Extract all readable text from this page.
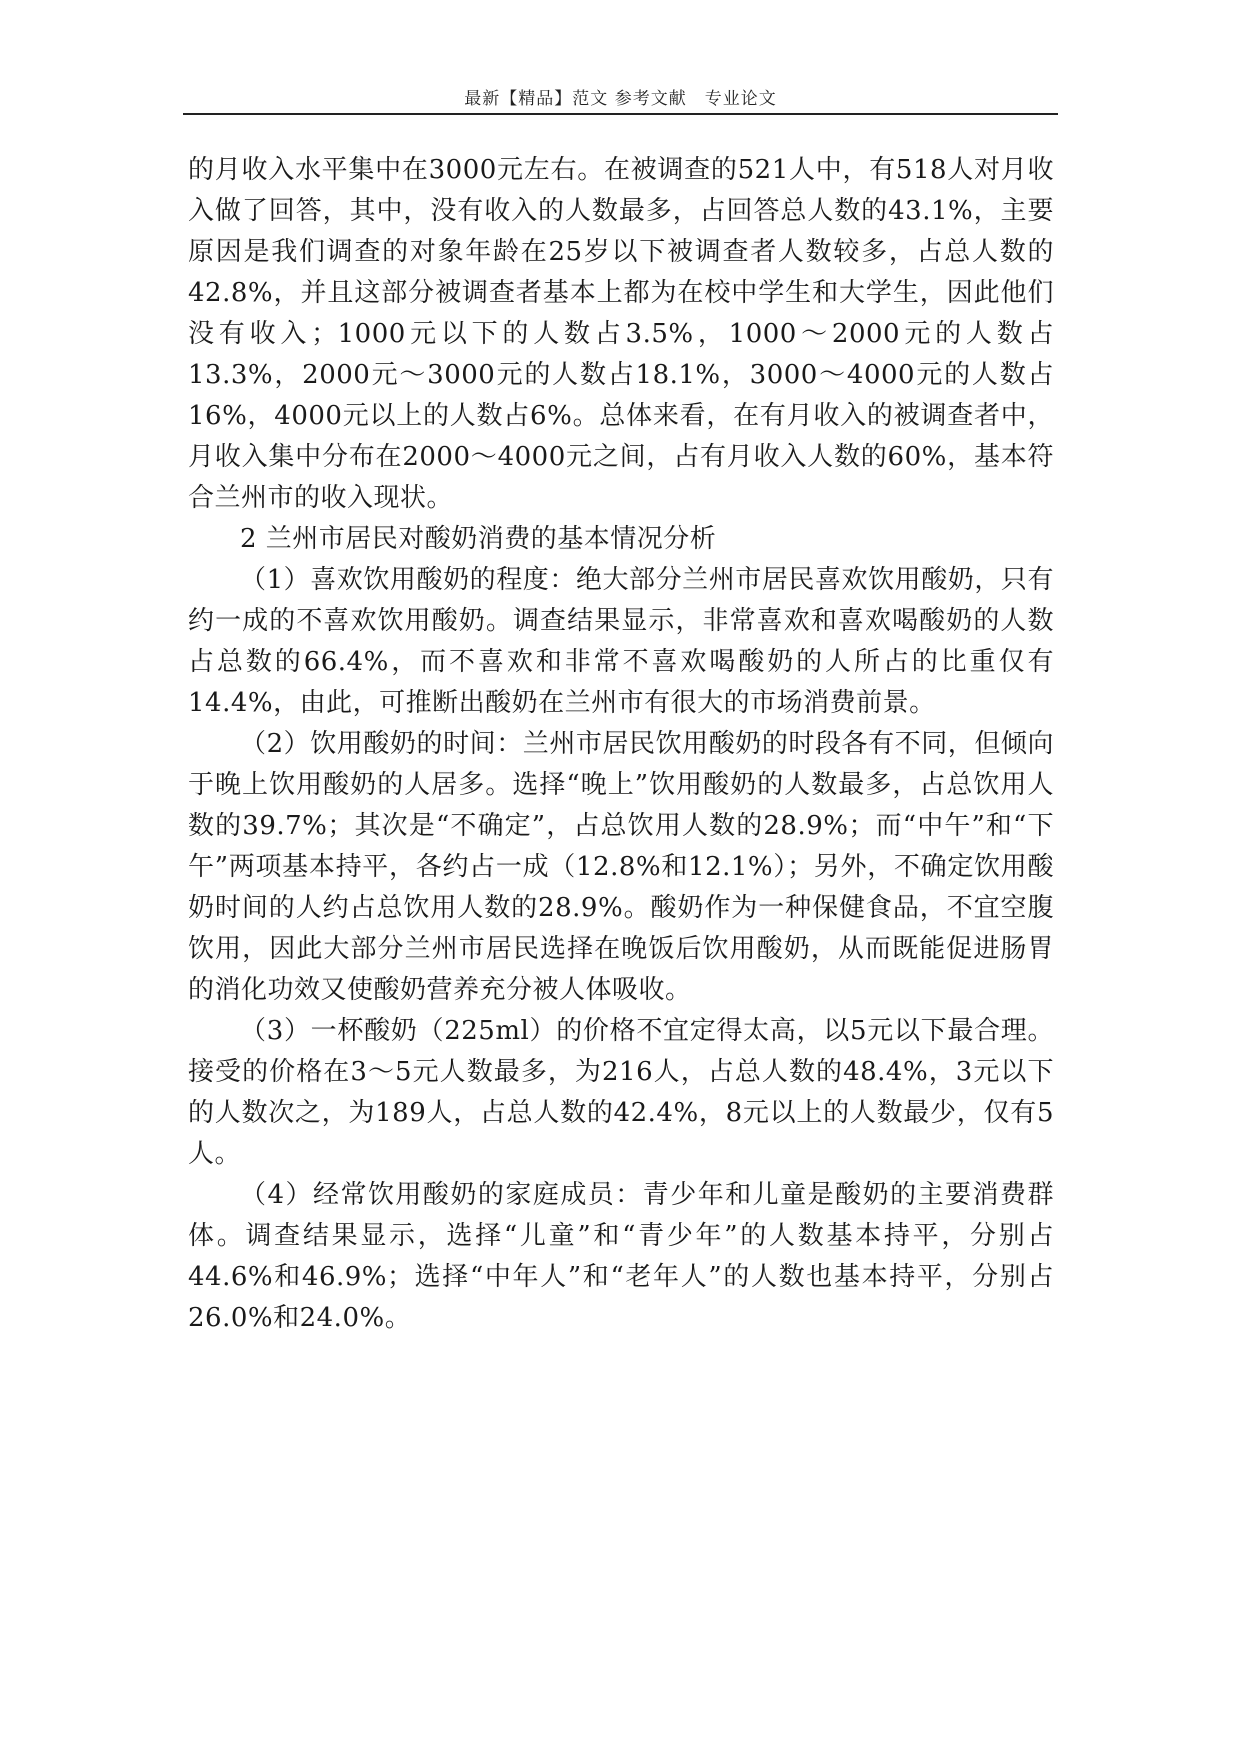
最新【精品】范文 参考文献　专业论文

的月收入水平集中在3000元左右。在被调查的521人中，有518人对月收入做了回答，其中，没有收入的人数最多，占回答总人数的43.1%，主要原因是我们调查的对象年龄在25岁以下被调查者人数较多，占总人数的42.8%，并且这部分被调查者基本上都为在校中学生和大学生，因此他们没有收入；1000元以下的人数占3.5%，1000～2000元的人数占13.3%，2000元～3000元的人数占18.1%，3000～4000元的人数占16%，4000元以上的人数占6%。总体来看，在有月收入的被调查者中，月收入集中分布在2000～4000元之间，占有月收入人数的60%，基本符合兰州市的收入现状。

2 兰州市居民对酸奶消费的基本情况分析

（1）喜欢饮用酸奶的程度：绝大部分兰州市居民喜欢饮用酸奶，只有约一成的不喜欢饮用酸奶。调查结果显示，非常喜欢和喜欢喝酸奶的人数占总数的66.4%，而不喜欢和非常不喜欢喝酸奶的人所占的比重仅有14.4%，由此，可推断出酸奶在兰州市有很大的市场消费前景。

（2）饮用酸奶的时间：兰州市居民饮用酸奶的时段各有不同，但倾向于晚上饮用酸奶的人居多。选择“晚上”饮用酸奶的人数最多，占总饮用人数的39.7%；其次是“不确定”，占总饮用人数的28.9%；而“中午”和“下午”两项基本持平，各约占一成（12.8%和12.1%）；另外，不确定饮用酸奶时间的人约占总饮用人数的28.9%。酸奶作为一种保健食品，不宜空腹饮用，因此大部分兰州市居民选择在晚饭后饮用酸奶，从而既能促进肠胃的消化功效又使酸奶营养充分被人体吸收。

（3）一杯酸奶（225ml）的价格不宜定得太高，以5元以下最合理。接受的价格在3～5元人数最多，为216人，占总人数的48.4%，3元以下的人数次之，为189人，占总人数的42.4%，8元以上的人数最少，仅有5人。

（4）经常饮用酸奶的家庭成员：青少年和儿童是酸奶的主要消费群体。调查结果显示，选择“儿童”和“青少年”的人数基本持平，分别占44.6%和46.9%；选择“中年人”和“老年人”的人数也基本持平，分别占26.0%和24.0%。
